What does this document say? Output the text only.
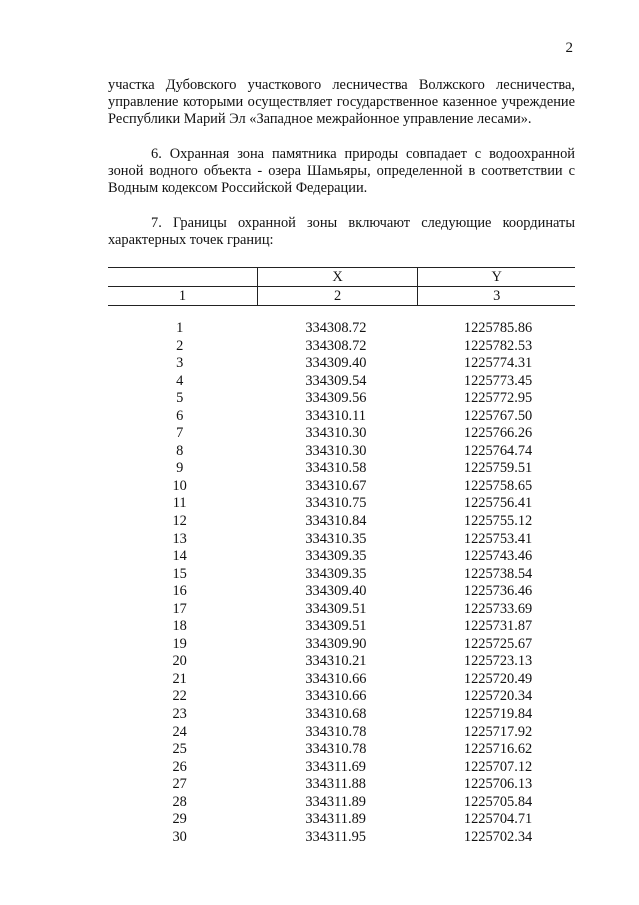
2

участка Дубовского участкового лесничества Волжского лесничества, управление которыми осуществляет государственное казенное учреждение Республики Марий Эл «Западное межрайонное управление лесами».

6. Охранная зона памятника природы совпадает с водоохранной зоной водного объекта - озера Шамьяры, определенной в соответствии с Водным кодексом Российской Федерации.

7. Границы охранной зоны включают следующие координаты характерных точек границ:

	X	Y
1	2	3
1	334308.72	1225785.86
2	334308.72	1225782.53
3	334309.40	1225774.31
4	334309.54	1225773.45
5	334309.56	1225772.95
6	334310.11	1225767.50
7	334310.30	1225766.26
8	334310.30	1225764.74
9	334310.58	1225759.51
10	334310.67	1225758.65
11	334310.75	1225756.41
12	334310.84	1225755.12
13	334310.35	1225753.41
14	334309.35	1225743.46
15	334309.35	1225738.54
16	334309.40	1225736.46
17	334309.51	1225733.69
18	334309.51	1225731.87
19	334309.90	1225725.67
20	334310.21	1225723.13
21	334310.66	1225720.49
22	334310.66	1225720.34
23	334310.68	1225719.84
24	334310.78	1225717.92
25	334310.78	1225716.62
26	334311.69	1225707.12
27	334311.88	1225706.13
28	334311.89	1225705.84
29	334311.89	1225704.71
30	334311.95	1225702.34
